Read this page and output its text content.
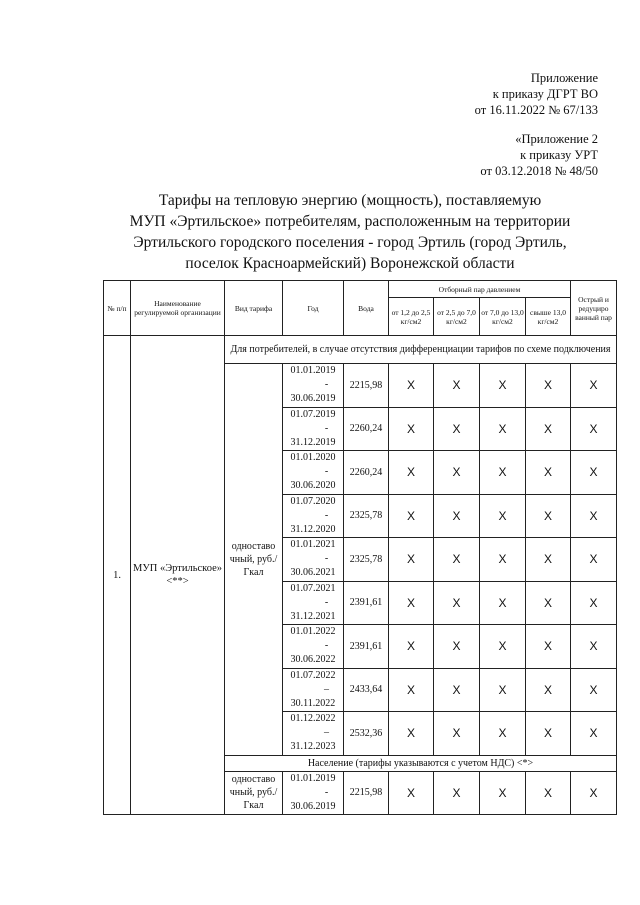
Приложение
к приказу ДГРТ ВО
от 16.11.2022 № 67/133
«Приложение 2
к приказу УРТ
от 03.12.2018 № 48/50
Тарифы на тепловую энергию (мощность), поставляемую
МУП «Эртильское» потребителям, расположенным на территории
Эртильского городского поселения - город Эртиль (город Эртиль,
поселок Красноармейский) Воронежской области
№ п/п	Наименование регулируемой организации	Вид тарифа	Год	Вода	Отборный пар давлением				Острый и редуциро ванный пар
					от 1,2 до 2,5 кг/см2	от 2,5 до 7,0 кг/см2	от 7,0 до 13,0 кг/см2	свыше 13,0 кг/см2	
1.	МУП «Эртильское» <**>	Для потребителей, в случае отсутствия дифференциации тарифов по схеме подключения							
		одноставо чный, руб./Гкал	01.01.2019
-
30.06.2019	2215,98	X	X	X	X	X

			01.07.2019
-
31.12.2019	2260,24	X	X	X	X	X

			01.01.2020
-
30.06.2020	2260,24	X	X	X	X	X

			01.07.2020
-
31.12.2020	2325,78	X	X	X	X	X

			01.01.2021
-
30.06.2021	2325,78	X	X	X	X	X

			01.07.2021
-
31.12.2021	2391,61	X	X	X	X	X

			01.01.2022
-
30.06.2022	2391,61	X	X	X	X	X

			01.07.2022
–
30.11.2022	2433,64	X	X	X	X	X

			01.12.2022
–
31.12.2023	2532,36	X	X	X	X	X
		Население (тарифы указываются с учетом НДС) <*>							
		одноставо чный, руб./Гкал	01.01.2019
-
30.06.2019	2215,98	X	X	X	X	X
